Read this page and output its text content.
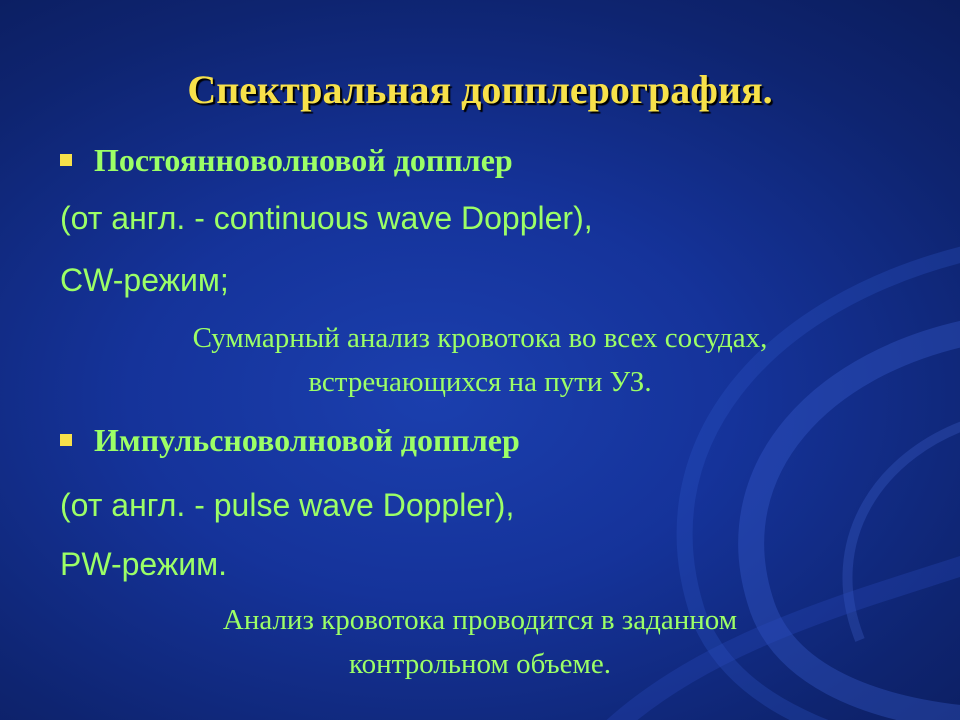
Спектральная допплерография.
Постояннoволновой допплер
(от англ. - continuous wave Doppler),
CW-режим;
Суммарный анализ кровотока во всех сосудах,
встречающихся на пути УЗ.
Импульсноволновой допплер
(от англ. - pulse wave Doppler),
PW-режим.
Анализ кровотока проводится в заданном
контрольном объеме.
